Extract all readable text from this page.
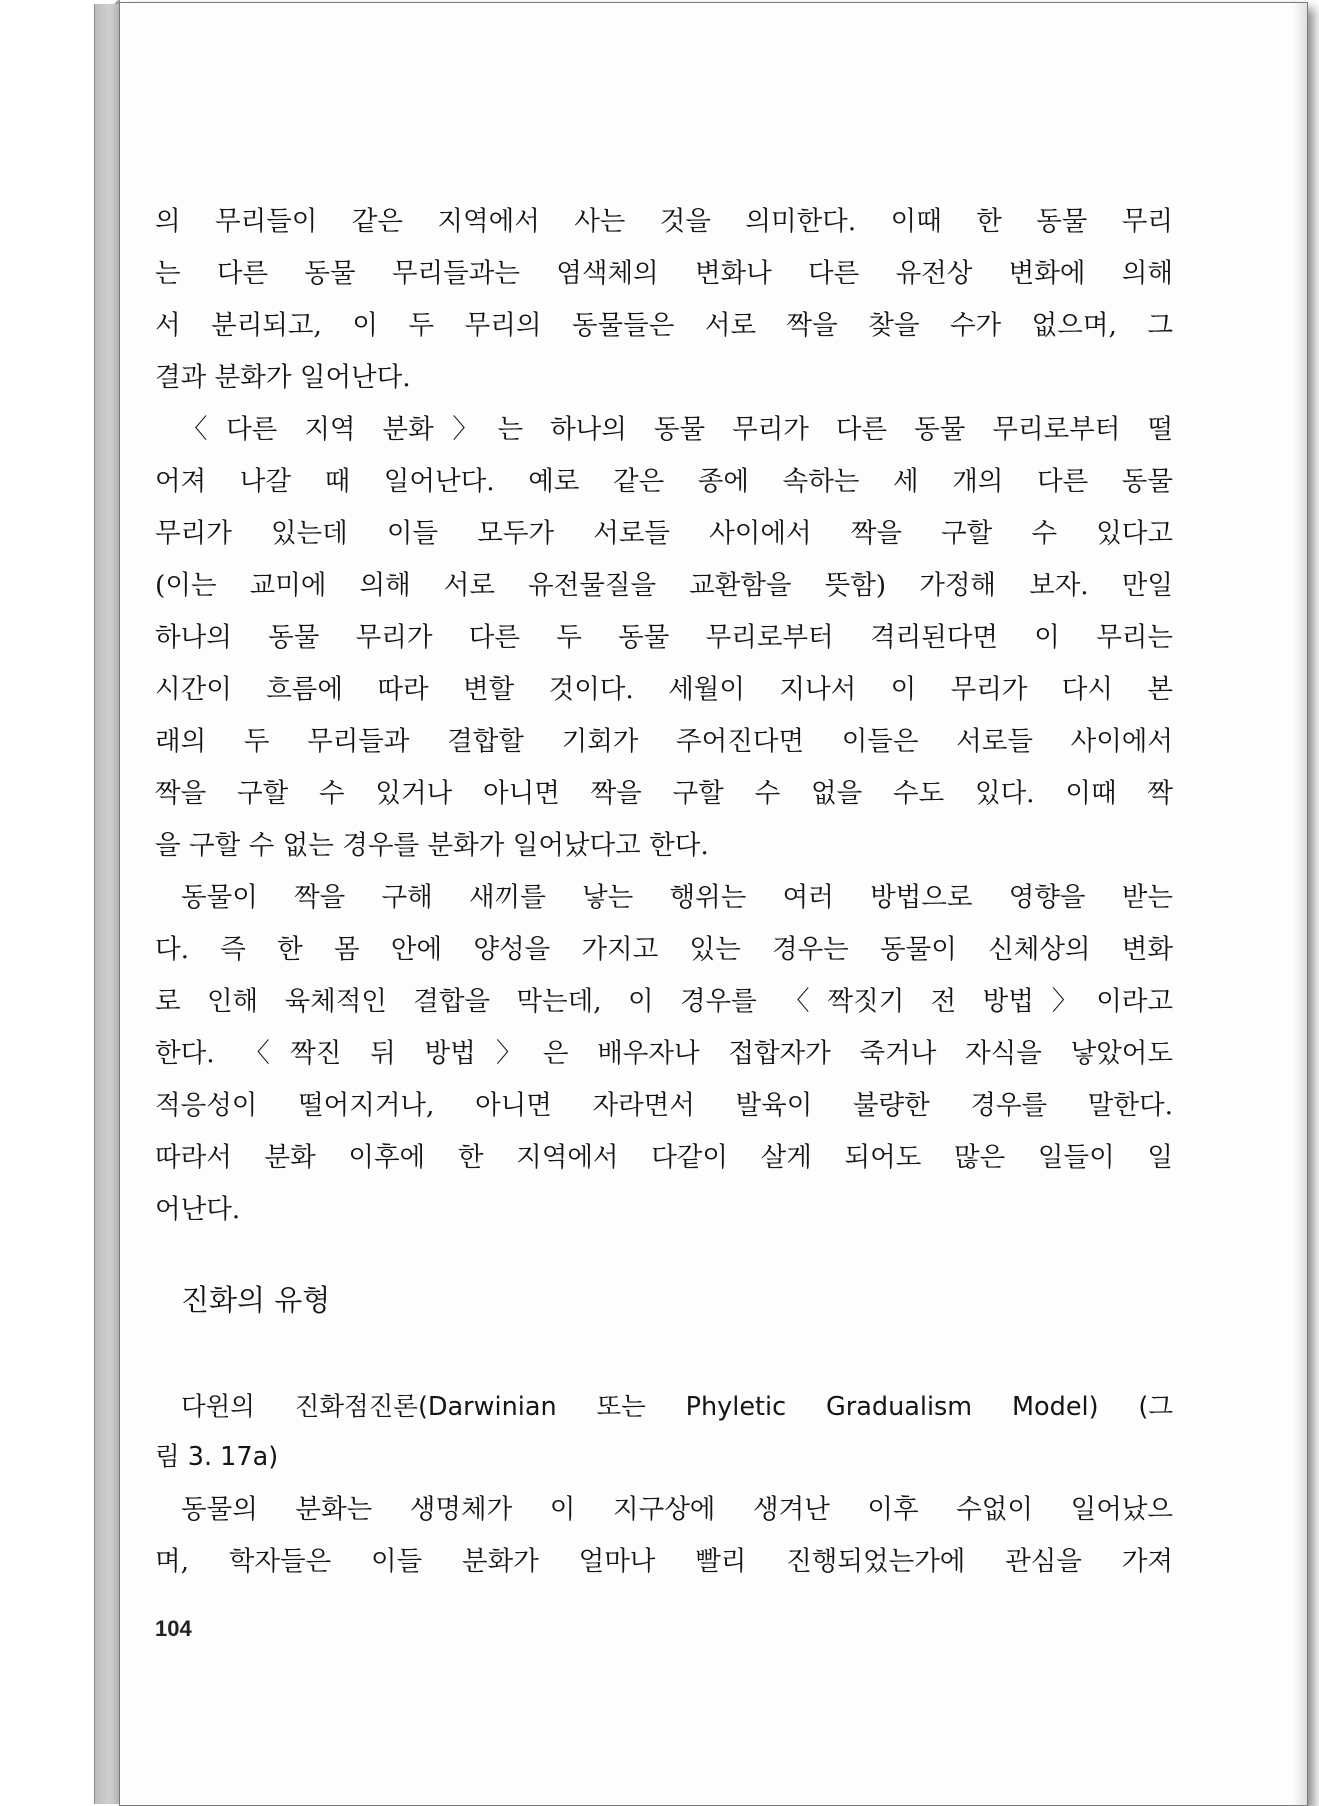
의 무리들이 같은 지역에서 사는 것을 의미한다. 이때 한 동물 무리
는 다른 동물 무리들과는 염색체의 변화나 다른 유전상 변화에 의해
서 분리되고, 이 두 무리의 동물들은 서로 짝을 찾을 수가 없으며, 그
결과 분화가 일어난다.
〈다른 지역 분화〉는 하나의 동물 무리가 다른 동물 무리로부터 떨
어져 나갈 때 일어난다. 예로 같은 종에 속하는 세 개의 다른 동물
무리가 있는데 이들 모두가 서로들 사이에서 짝을 구할 수 있다고
(이는 교미에 의해 서로 유전물질을 교환함을 뜻함) 가정해 보자. 만일
하나의 동물 무리가 다른 두 동물 무리로부터 격리된다면 이 무리는
시간이 흐름에 따라 변할 것이다. 세월이 지나서 이 무리가 다시 본
래의 두 무리들과 결합할 기회가 주어진다면 이들은 서로들 사이에서
짝을 구할 수 있거나 아니면 짝을 구할 수 없을 수도 있다. 이때 짝
을 구할 수 없는 경우를 분화가 일어났다고 한다.
동물이 짝을 구해 새끼를 낳는 행위는 여러 방법으로 영향을 받는
다. 즉 한 몸 안에 양성을 가지고 있는 경우는 동물이 신체상의 변화
로 인해 육체적인 결합을 막는데, 이 경우를 〈짝짓기 전 방법〉이라고
한다. 〈짝진 뒤 방법〉은 배우자나 접합자가 죽거나 자식을 낳았어도
적응성이 떨어지거나, 아니면 자라면서 발육이 불량한 경우를 말한다.
따라서 분화 이후에 한 지역에서 다같이 살게 되어도 많은 일들이 일
어난다.
진화의 유형
다윈의 진화점진론(Darwinian 또는 Phyletic Gradualism Model) (그
림 3. 17a)
동물의 분화는 생명체가 이 지구상에 생겨난 이후 수없이 일어났으
며, 학자들은 이들 분화가 얼마나 빨리 진행되었는가에 관심을 가져
104
